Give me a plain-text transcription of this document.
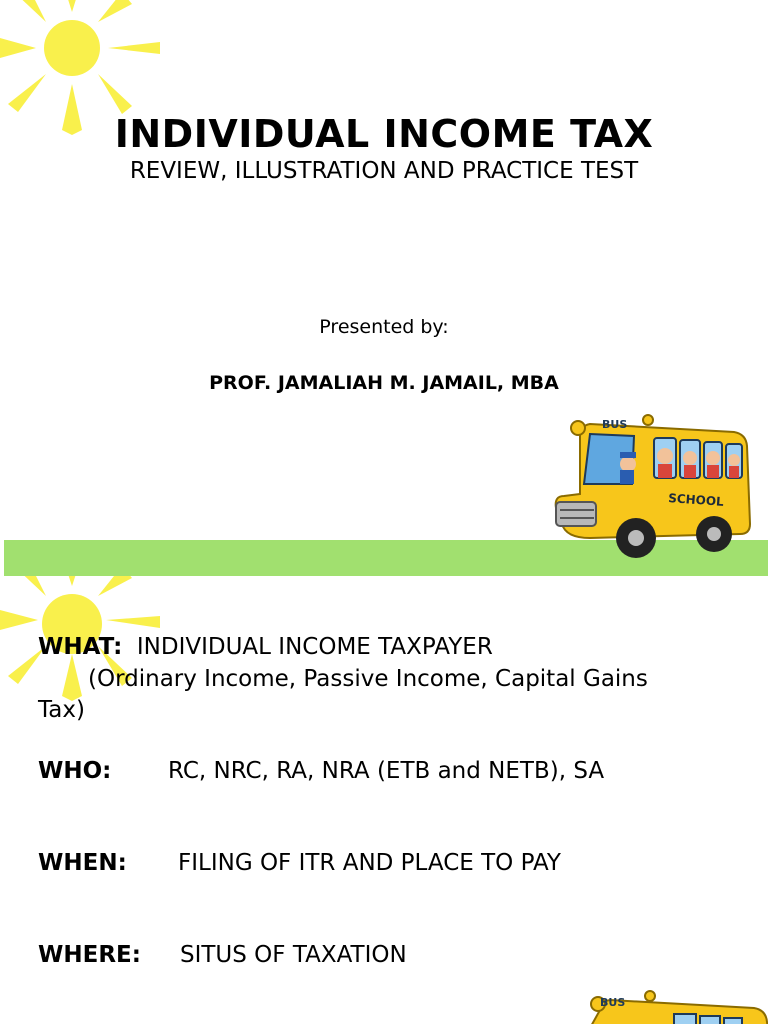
INDIVIDUAL INCOME TAX
REVIEW, ILLUSTRATION AND PRACTICE TEST
Presented by:
PROF. JAMALIAH M. JAMAIL, MBA
BUS
SCHOOL
WHAT: INDIVIDUAL INCOME TAXPAYER
(Ordinary Income, Passive Income, Capital Gains
Tax)
WHO: RC, NRC, RA, NRA (ETB and NETB), SA
WHEN: FILING OF ITR AND PLACE TO PAY
WHERE: SITUS OF TAXATION
BUS
